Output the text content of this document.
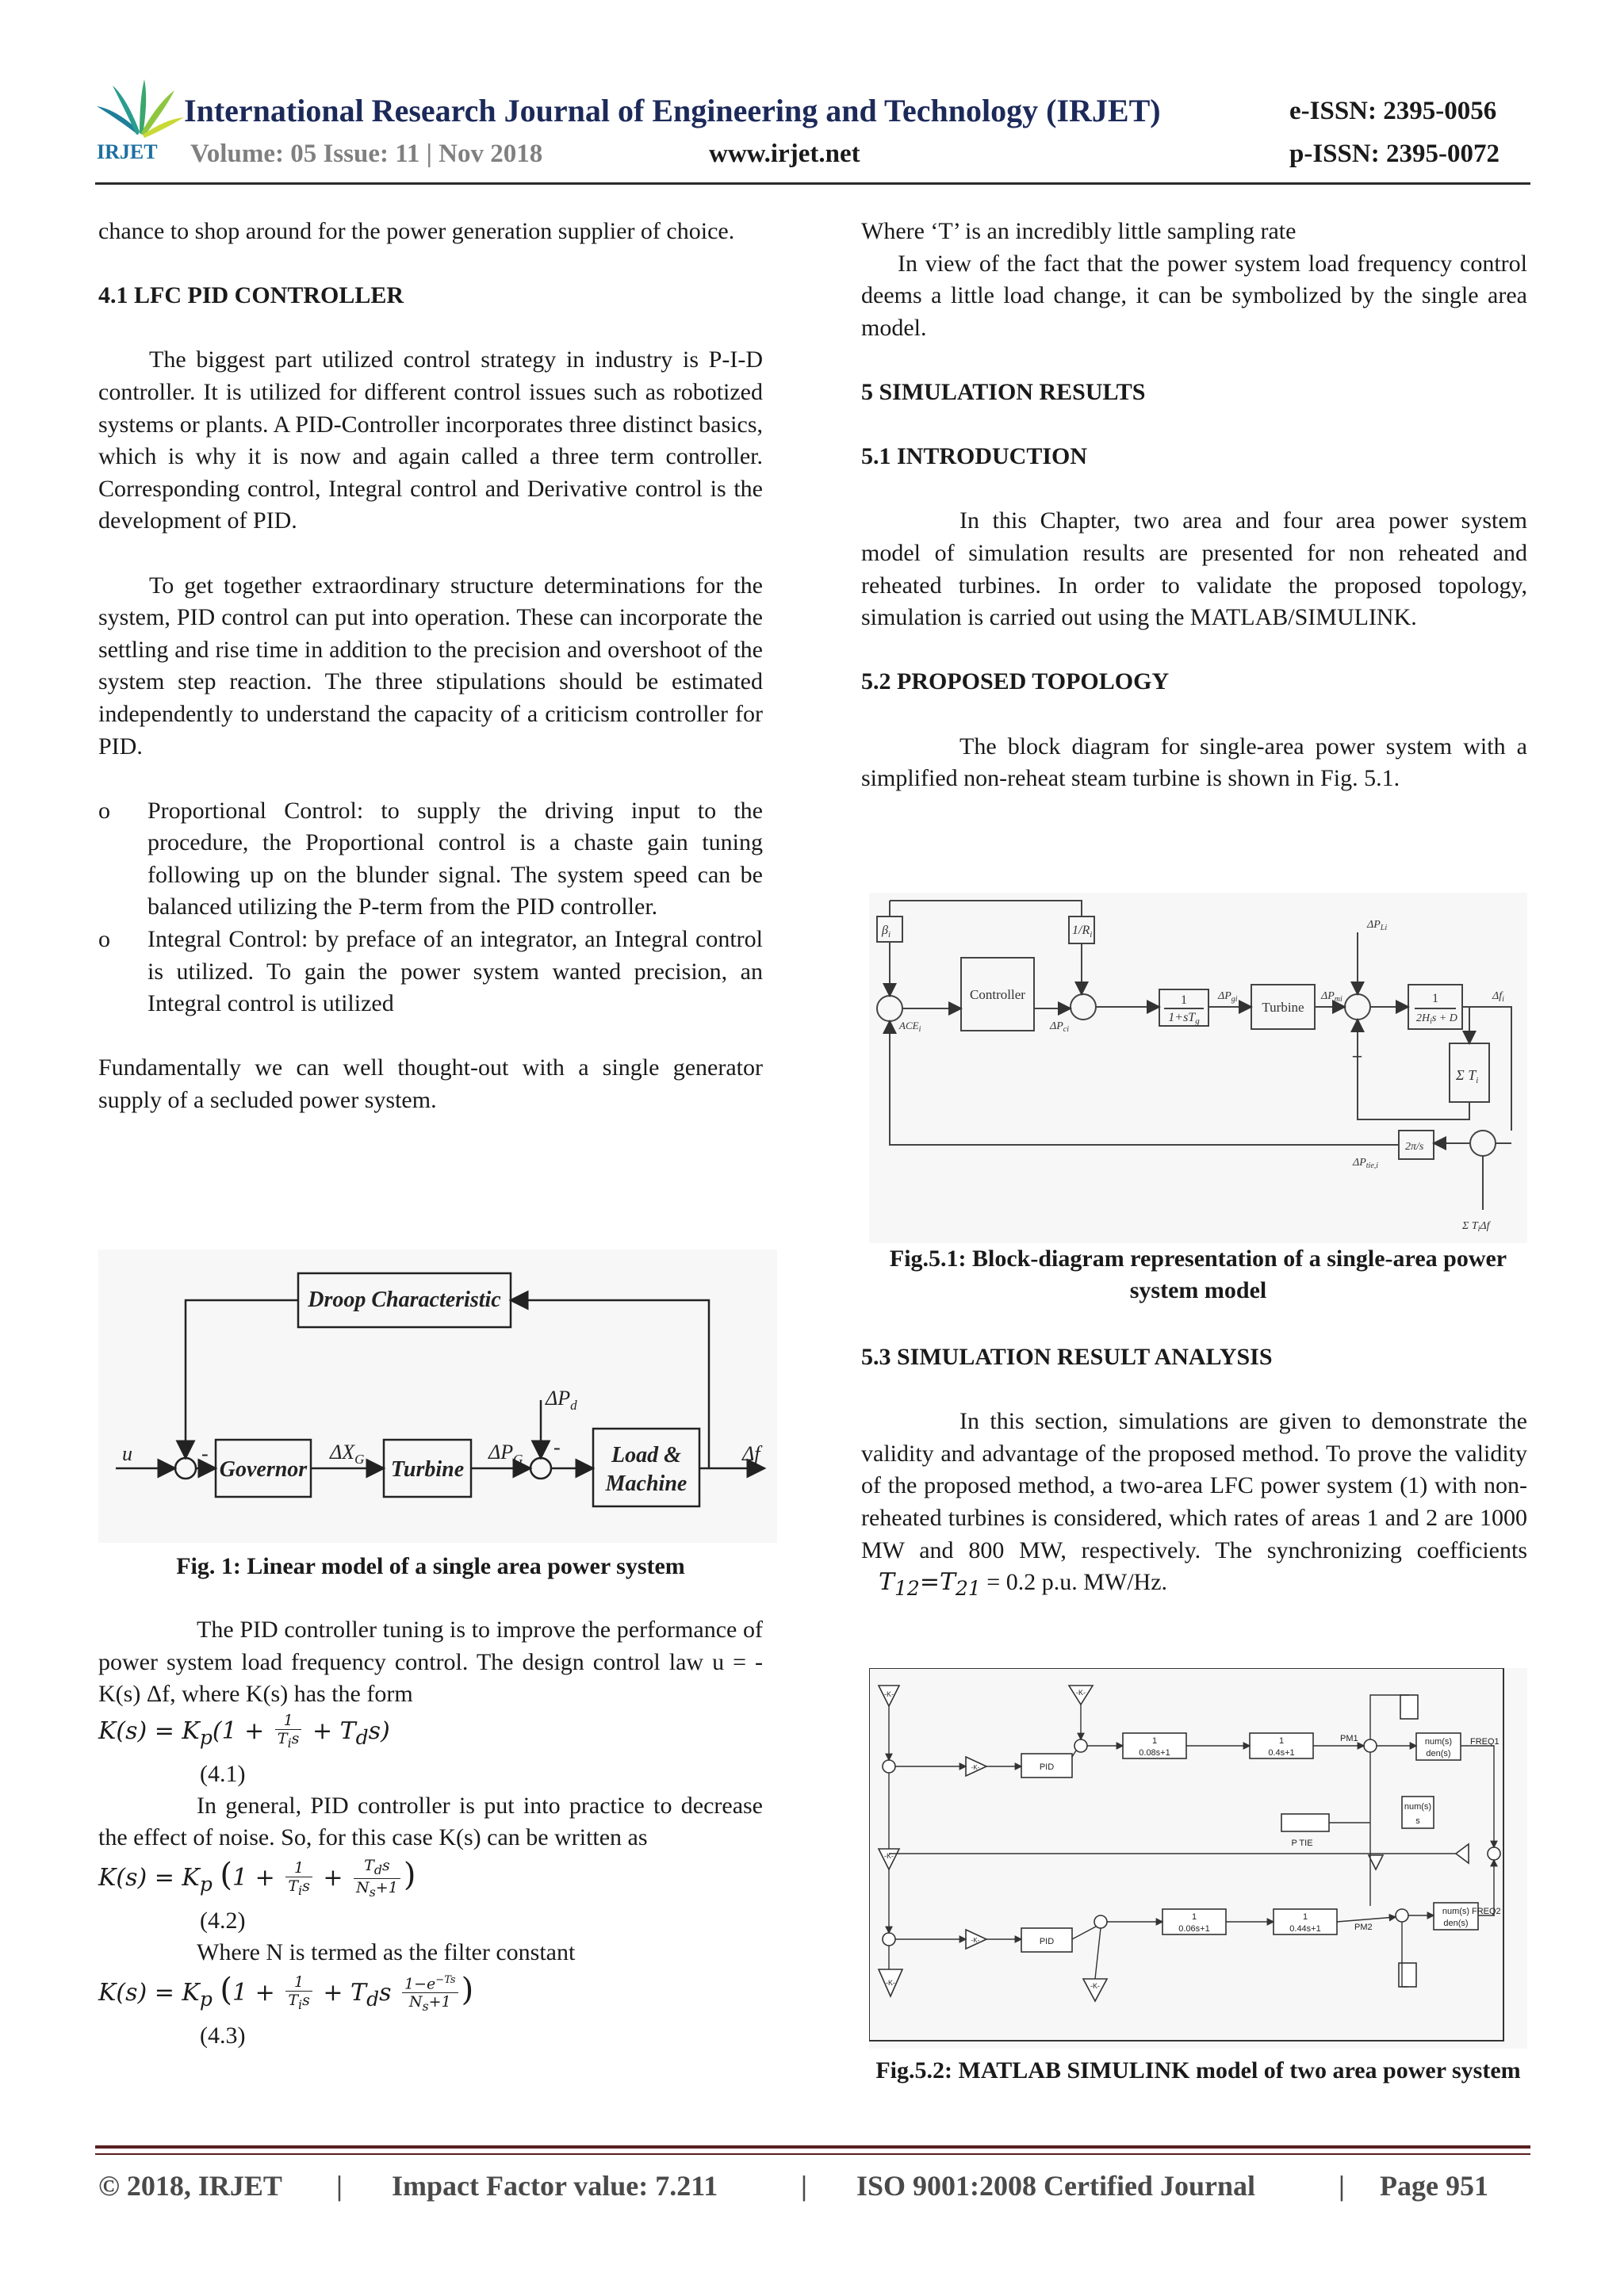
IRJET
International Research Journal of Engineering and Technology (IRJET)
Volume: 05 Issue: 11 | Nov 2018	www.irjet.net
e-ISSN: 2395-0056
p-ISSN: 2395-0072

chance to shop around for the power generation supplier of choice.

4.1 LFC PID CONTROLLER

The biggest part utilized control strategy in industry is P-I-D controller. It is utilized for different control issues such as robotized systems or plants. A PID-Controller incorporates three distinct basics, which is why it is now and again called a three term controller. Corresponding control, Integral control and Derivative control is the development of PID.

To get together extraordinary structure determinations for the system, PID control can put into operation. These can incorporate the settling and rise time in addition to the precision and overshoot of the system step reaction. The three stipulations should be estimated independently to understand the capacity of a criticism controller for PID.

o	Proportional Control: to supply the driving input to the procedure, the Proportional control is a chaste gain tuning following up on the blunder signal. The system speed can be balanced utilizing the P-term from the PID controller.
o	Integral Control: by preface of an integrator, an Integral control is utilized. To gain the power system wanted precision, an Integral control is utilized

Fundamentally we can well thought-out with a single generator supply of a secluded power system.

Droop Characteristic
Governor	Turbine
Load &
Machine
u	Δf
$\Delta X_G$	$\Delta P_G$
$\Delta P_d$
-	-
Fig. 1: Linear model of a single area power system

The PID controller tuning is to improve the performance of power system load frequency control. The design control law u = -K(s) Δf, where K(s) has the form

$K(s) = K_p(1 + \frac{1}{T_is} + T_ds)$
(4.1)

In general, PID controller is put into practice to decrease the effect of noise. So, for this case K(s) can be written as

$K(s) = K_p$ ($1 + \frac{1}{T_is} + \frac{T_ds}{N_s+1}$ )
(4.2)

Where N is termed as the filter constant

$K(s) = K_p$ ($1 + \frac{1}{T_is} + T_ds \frac{1-e^{-Ts}}{N_s+1}$ )
(4.3)

Where ‘T’ is an incredibly little sampling rate

In view of the fact that the power system load frequency control deems a little load change, it can be symbolized by the single area model.

5 SIMULATION RESULTS
5.1 INTRODUCTION

In this Chapter, two area and four area power system model of simulation results are presented for non reheated and reheated turbines. In order to validate the proposed topology, simulation is carried out using the MATLAB/SIMULINK.

5.2 PROPOSED TOPOLOGY

The block diagram for single-area power system with a simplified non-reheat steam turbine is shown in Fig. 5.1.

$\beta_i$	$1/R_i$
Controller	1
1+sTg
Turbine
1
$2H_is + D$
Σ $T_i$
2π/s
$ACE_i$	$\Delta P_{ci}$
$\Delta P_{gi}$	$\Delta P_{mi}$
$\Delta P_{Li}$
$\Delta f_i$
$\Delta P_{tie,i}$
Σ $T_i\Delta f$
–
Fig.5.1: Block-diagram representation of a single-area power system model
5.3 SIMULATION RESULT ANALYSIS

In this section, simulations are given to demonstrate the validity and advantage of the proposed method. To prove the validity of the proposed method, a two-area LFC power system (1) with non-reheated turbines is considered, which rates of areas 1 and 2 are 1000 MW and 800 MW, respectively. The synchronizing coefficients $T_{12}=T_{21} = 0.2$ p.u. MW/Hz.

-K-	-K-
-K-
-K-	-K-
-K-
-K-
PID
PID
1
0.08s+1
1
0.4s+1
1
0.06s+1
1
0.44s+1
num(s)
den(s)
num(s)
den(s)
num(s)
s
PM1
PM2
FREQ1
FREQ2
P TIE
Fig.5.2: MATLAB SIMULINK model of two area power system
© 2018, IRJET | Impact Factor value: 7.211	| ISO 9001:2008 Certified Journal	| Page 951
